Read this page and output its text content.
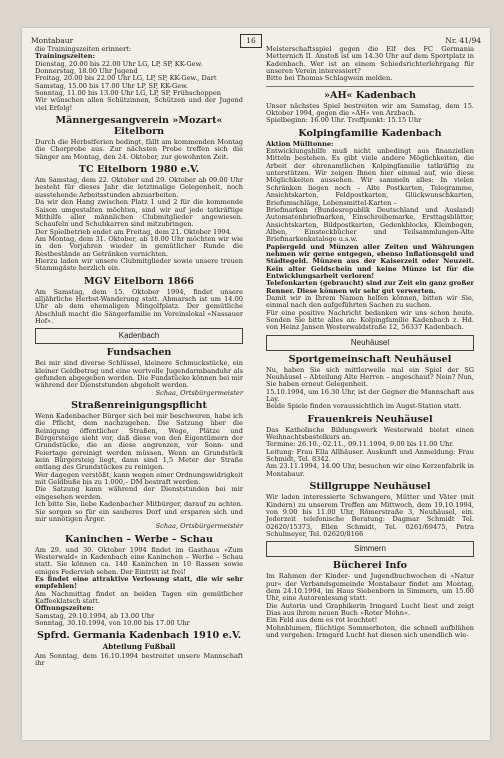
Montabaur	16	Nr. 41/94
die Trainingszeiten erinnert:
Trainingszeiten:
Dienstag, 20.00 bis 22.00 Uhr LG, LP, SP, KK-Gew.
Donnerstag, 18.00 Uhr Jugend
Freitag, 20.00 bis 22.00 Uhr LG, LP, SP, KK-Gew., Dart
Samstag, 15.00 bis 17.00 Uhr LP, SP, KK-Gew.
Sonntag, 11.00 bis 13.00 Uhr LG, LP, SP, Frühschoppen
Wir wünschen allen Schützinnen, Schützen und der Jugend viel Erfolg!
Männergesangverein »Mozart« Eitelborn
Durch die Herbstferien bedingt, fällt am kommenden Montag die Chorprobe aus. Zur nächsten Probe treffen sich die Sänger am Montag, den 24. Oktober, zur gewohnten Zeit.
TC Eitelborn 1980 e.V.
Am Samstag, dem 22. Oktober und 29. Oktober ab 09.00 Uhr besteht für dieses Jahr die letztmalige Gelegenheit, noch ausstehende Arbeitsstunden abzuarbeiten.
Da wir den Hang zwischen Platz 1 und 2 für die kommende Saison umgestalten möchten, sind wir auf jede tatkräftige Mithilfe aller männlichen Clubmitglieder angewiesen. Schaufeln und Schubkarren sind mitzubringen.
Der Spielbetrieb endet am Freitag, dem 21. Oktober 1994.
Am Montag, dem 31. Oktober, ab 18.00 Uhr möchten wir wie in den Vorjahren wieder in gemütlicher Runde die Restbestände an Getränken vernichten.
Hierzu laden wir unsere Clubmitglieder sowie unsere treuen Stammgäste herzlich ein.
MGV Eitelborn 1866
Am Samstag, dem 15. Oktober 1994, findet unsere alljährliche Herbst-Wanderung statt. Abmarsch ist um 14.00 Uhr ab dem ehemaligen Mingolfplatz. Der gemütliche Abschluß macht die Sängerfamilie im Vereinslokal »Nassauer Hof«.
Kadenbach
Fundsachen
Bei mir sind diverse Schlüssel, kleinere Schmuckstücke, ein kleiner Geldbetrag und eine wertvolle Jugendarmbanduhr als gefunden abgegeben worden. Die Fundstücke können bei mir während der Dienststunden abgeholt werden.
Schaa, Ortsbürgermeister
Straßenreinigungspflicht
Wenn Kadenbacher Bürger sich bei mir beschweren, habe ich die Pflicht, dem nachzugehen. Die Satzung über die Reinigung öffentlicher Straßen, Wege, Plätze und Bürgersteige sieht vor, daß diese von den Eigentümern der Grundstücke, die an diese angrenzen, vor Sonn- und Feiertage gereinigt werden müssen. Wenn an Grundstück kein Bürgersteig liegt, dann sind 1,5 Meter der Straße entlang des Grundstückes zu reinigen.
Wer dagegen verstößt, kann wegen einer Ordnungswidrigkeit mit Geldbuße bis zu 1.000,– DM bestraft werden.
Die Satzung kann während der Dienststunden bei mir eingesehen werden.
Ich bitte Sie, liebe Kadenbacher Mitbürger, darauf zu achten. Sie sorgen so für ein sauberes Dorf und ersparen sich und mir unnötigen Ärger.
Schaa, Ortsbürgermeister
Kaninchen – Werbe – Schau
Am 29. und 30. Oktober 1994 findet im Gasthaus »Zum Westerwald« in Kadenbach eine Kaninchen – Werbe – Schau statt. Sie können ca. 140 Kaninchen in 10 Rassen sowie einiges Federvieh sehen. Der Eintritt ist frei!
Es findet eine attraktive Verlosung statt, die wir sehr empfehlen!
Am Nachmittag findet an beiden Tagen ein gemütlicher Kaffeeklatsch statt.
Öffnungszeiten:
Samstag, 29.10.1994, ab 13.00 Uhr
Sonntag, 30.10.1994, von 10.00 bis 17.00 Uhr
Spfrd. Germania Kadenbach 1910 e.V.
Abteilung Fußball
Am Sonntag, dem 16.10.1994 bestreitet unsere Mannschaft ihr
Meisterschaftsspiel gegen die Elf des FC Germania Metternich II. Anstoß ist um 14.30 Uhr auf dem Sportplatz in Kadenbach. Wer ist an einem Schiedsrichterlehrgang für unseren Verein interessiert?
Bitte bei Thomas Schlagwein melden.
»AH« Kadenbach
Unser nächstes Spiel bestreiten wir am Samstag, dem 15. Oktober 1994, gegen die »AH« von Arzbach.
Spielbeginn: 16.00 Uhr. Treffpunkt: 15.15 Uhr
Kolpingfamilie Kadenbach
Aktion Mülltonne:
Entwicklungshilfe muß nicht unbedingt aus finanziellen Mitteln bestehen. Es gibt viele andere Möglichkeiten, die Arbeit der ehrenamtlichen Kolpingfamilie tatkräftig zu unterstützen. Wir zeigen Ihnen hier einmal auf, wie diese Möglichkeiten aussehen. Wir sammeln alles: In vielen Schränken liegen noch – Alte Postkarten, Telegramme, Ansichtskarten, Feldpostkarten, Glückwunschkarten, Briefumschläge, Lebensmittel-Karten –
Briefmarken (Bundesrepublik Deutschland und Ausland) Automatenbriefmarken, Einschreibemarke, Ersttagsblätter, Ansichtskarten, Bildpostkarten, Gedenkblocks, Kleinbogen, Alben, Einsteckbücher und Teilsammlungen-Alte Briefmarkenkataloge u.s.w.
Papiergeld und Münzen aller Zeiten und Währungen nehmen wir gerne entgegen, ebenso Inflationsgeld und Städtegeld. Münzen aus der Kaiserzeit oder Neuzeit. Kein alter Geldschein und keine Münze ist für die Entwicklungsarbeit verloren!
Telefonkarten (gebraucht) sind zur Zeit ein ganz großer Renner. Diese können wir sehr gut verwerten.
Damit wir in Ihrem Namen helfen können, bitten wir Sie, einmal nach den aufgeführten Sachen zu suchen.
Für eine positive Nachricht bedanken wir uns schon heute. Senden Sie bitte alles an: Kolpingfamilie Kadenbach z. Hd. von Heinz Jansen Westerwaldstraße 12, 56337 Kadenbach.
Neuhäusel
Sportgemeinschaft Neuhäusel
Nu, haben Sie sich mittlerweile mal ein Spiel der SG Neuhäusel – Abteilung Alte Herren – angeschaut? Nein? Nun, Sie haben erneut Gelegenheit.
15.10.1994, um 16.30 Uhr, ist der Gegner die Mannschaft aus Lay.
Beide Spiele finden voraussichtlich im Augst-Station statt.
Frauenkreis Neuhäusel
Das Katholische Bildungswerk Westerwald bietet einen Weihnachtsbastelkurs an.
Termine: 26.10., 02.11., 09.11.1994, 9.00 bis 11.00 Uhr.
Leitung: Frau Ella Allhäuser. Auskunft und Anmeldung: Frau Schmidt, Tel. 8342.
Am 23.11.1994, 14.00 Uhr, besuchen wir eine Kerzenfabrik in Montabaur.
Stillgruppe Neuhäusel
Wir laden interessierte Schwangere, Mütter und Väter (mit Kindern) zu unserem Treffen am Mittwoch, dem 19.10.1994, von 9.00 bis 11.00 Uhr, Römerstraße 3, Neuhäusel, ein. Jederzeit telefonische Beratung: Dagmar Schmidt Tel. 02620/15373, Ellen Schmidt, Tel. 0261/69475, Petra Schulmeyer, Tel. 02620/8166
Simmern
Bücherei Info
Im Rahmen der Kinder- und Jugendbuchwochen di »Natur pur« der Verbandsgemeinde Montabaur findet am Montag, dem 24.10.1994, im Haus Siebenborn in Simmern, um 15.00 Uhr, eine Autorenlesung statt.
Die Autorin und Graphikerin Irmgard Lucht liest und zeigt Dias aus ihrem neuen Buch »Roter Mohn«.
Ein Feld aus dem es rot leuchtet!
Mohnblumen, flüchtige Sommerboten, die schnell aufblühen und vergehen. Irmgard Lucht hat diesen sich unendlich wie-
